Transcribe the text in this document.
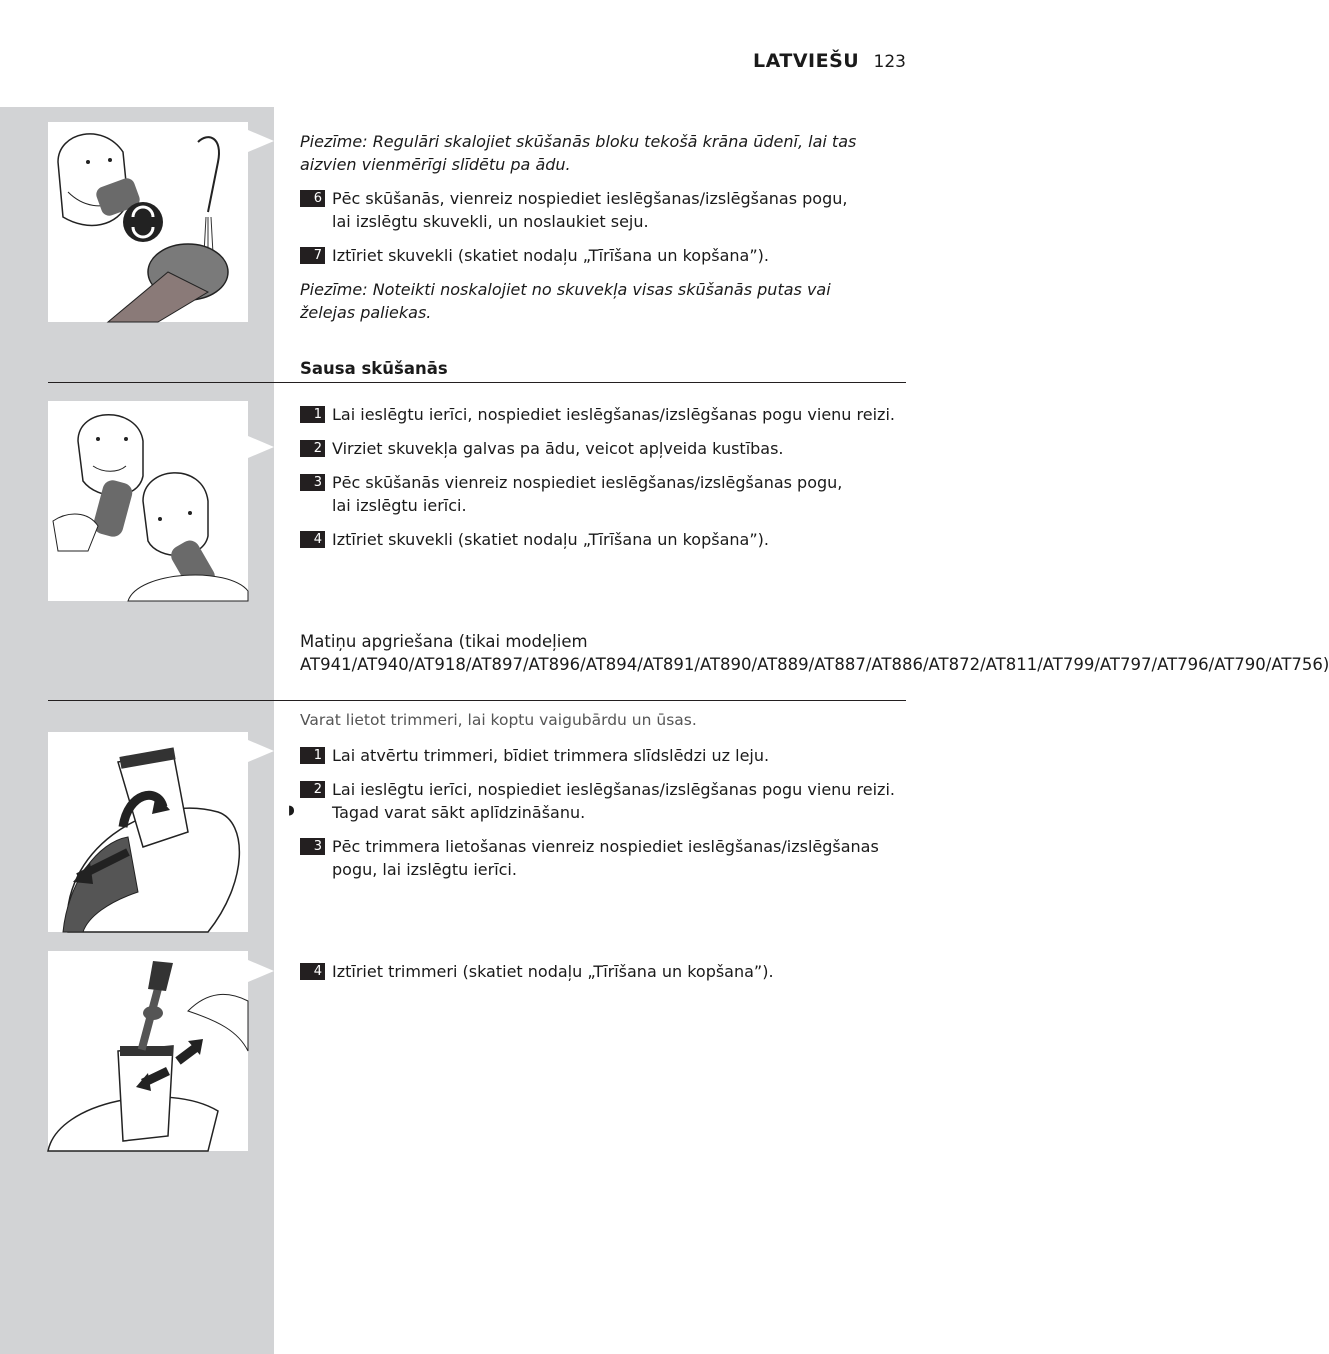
LATVIEŠU 123
Piezīme: Regulāri skalojiet skūšanās bloku tekošā krāna ūdenī, lai tas aizvien vienmērīgi slīdētu pa ādu.
6 Pēc skūšanās, vienreiz nospiediet ieslēgšanas/izslēgšanas pogu, lai izslēgtu skuvekli, un noslaukiet seju.
7 Iztīriet skuvekli (skatiet nodaļu „Tīrīšana un kopšana”).
Piezīme: Noteikti noskalojiet no skuvekļa visas skūšanās putas vai želejas paliekas.
Sausa skūšanās
1 Lai ieslēgtu ierīci, nospiediet ieslēgšanas/izslēgšanas pogu vienu reizi.
2 Virziet skuvekļa galvas pa ādu, veicot apļveida kustības.
3 Pēc skūšanās vienreiz nospiediet ieslēgšanas/izslēgšanas pogu, lai izslēgtu ierīci.
4 Iztīriet skuvekli (skatiet nodaļu „Tīrīšana un kopšana”).
Matiņu apgriešana (tikai modeļiem AT941/AT940/AT918/AT897/AT896/AT894/AT891/AT890/AT889/AT887/AT886/AT872/AT811/AT799/AT797/AT796/AT790/AT756)
Varat lietot trimmeri, lai koptu vaigubārdu un ūsas.
1 Lai atvērtu trimmeri, bīdiet trimmera slīdslēdzi uz leju.
2 Lai ieslēgtu ierīci, nospiediet ieslēgšanas/izslēgšanas pogu vienu reizi.
◗ Tagad varat sākt aplīdzināšanu.
3 Pēc trimmera lietošanas vienreiz nospiediet ieslēgšanas/izslēgšanas pogu, lai izslēgtu ierīci.
4 Iztīriet trimmeri (skatiet nodaļu „Tīrīšana un kopšana”).
